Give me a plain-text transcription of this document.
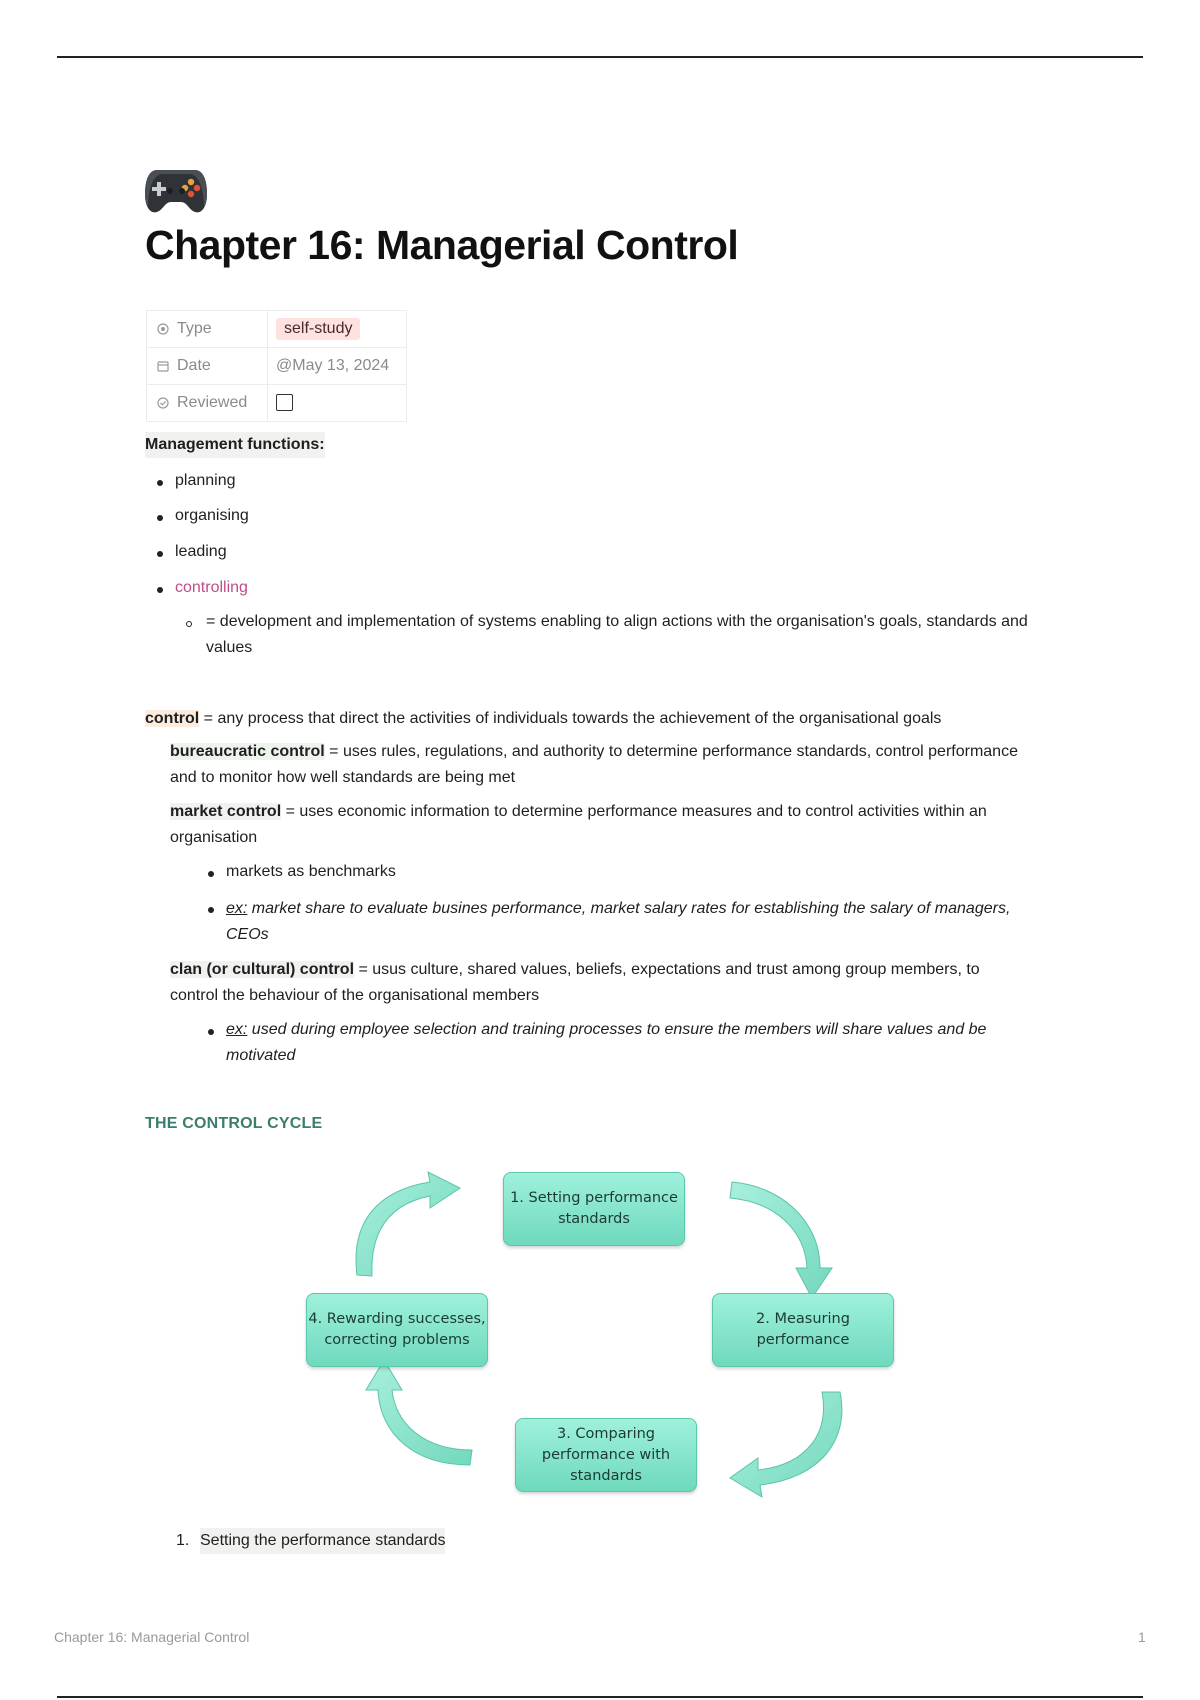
Chapter 16: Managerial Control
Type	self-study
Date	@May 13, 2024
Reviewed	
Management functions:
planning
organising
leading
controlling
= development and implementation of systems enabling to align actions with the organisation's goals, standards and values
control = any process that direct the activities of individuals towards the achievement of the organisational goals
bureaucratic control = uses rules, regulations, and authority to determine performance standards, control performance and to monitor how well standards are being met
market control = uses economic information to determine performance measures and to control activities within an organisation
markets as benchmarks
ex: market share to evaluate busines performance, market salary rates for establishing the salary of managers, CEOs
clan (or cultural) control = usus culture, shared values, beliefs, expectations and trust among group members, to control the behaviour of the organisational members
ex: used during employee selection and training processes to ensure the members will share values and be motivated
THE CONTROL CYCLE
1. Setting performance standards
2. Measuring performance
3. Comparing performance with standards
4. Rewarding successes, correcting problems
1. Setting the performance standards
Chapter 16: Managerial Control	1
